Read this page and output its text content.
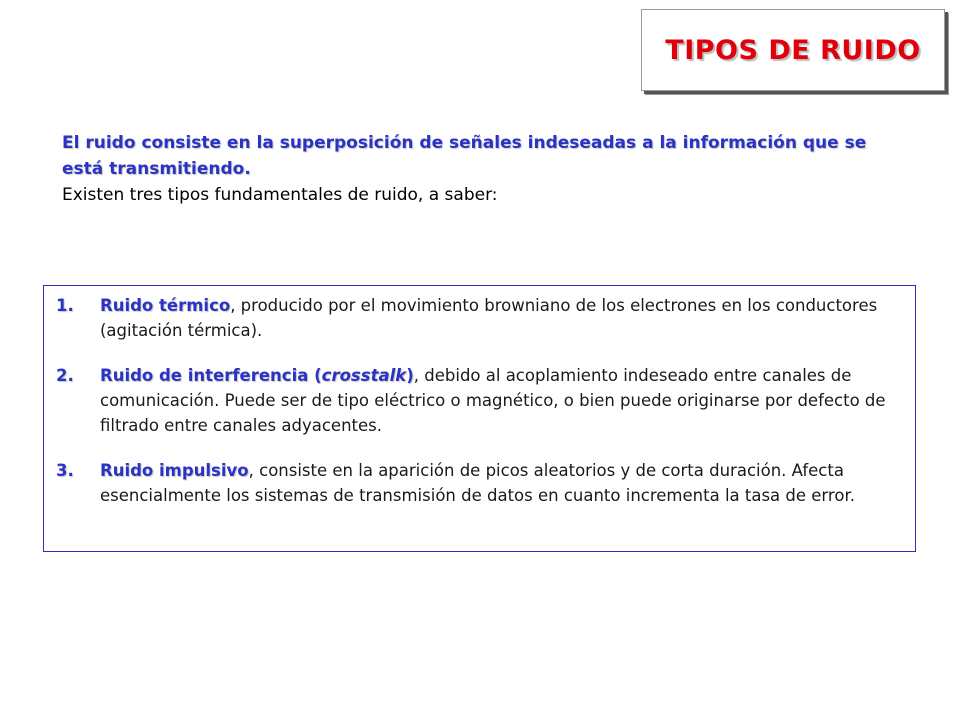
TIPOS DE RUIDO
El ruido consiste en la superposición de señales indeseadas a la información que se está transmitiendo.
Existen tres tipos fundamentales de ruido, a saber:
1.	Ruido térmico, producido por el movimiento browniano de los electrones en los conductores (agitación térmica).
2.	Ruido de interferencia (crosstalk), debido al acoplamiento indeseado entre canales de comunicación. Puede ser de tipo eléctrico o magnético, o bien puede originarse por defecto de filtrado entre canales adyacentes.
3.	Ruido impulsivo, consiste en la aparición de picos aleatorios y de corta duración. Afecta esencialmente los sistemas de transmisión de datos en cuanto incrementa la tasa de error.
